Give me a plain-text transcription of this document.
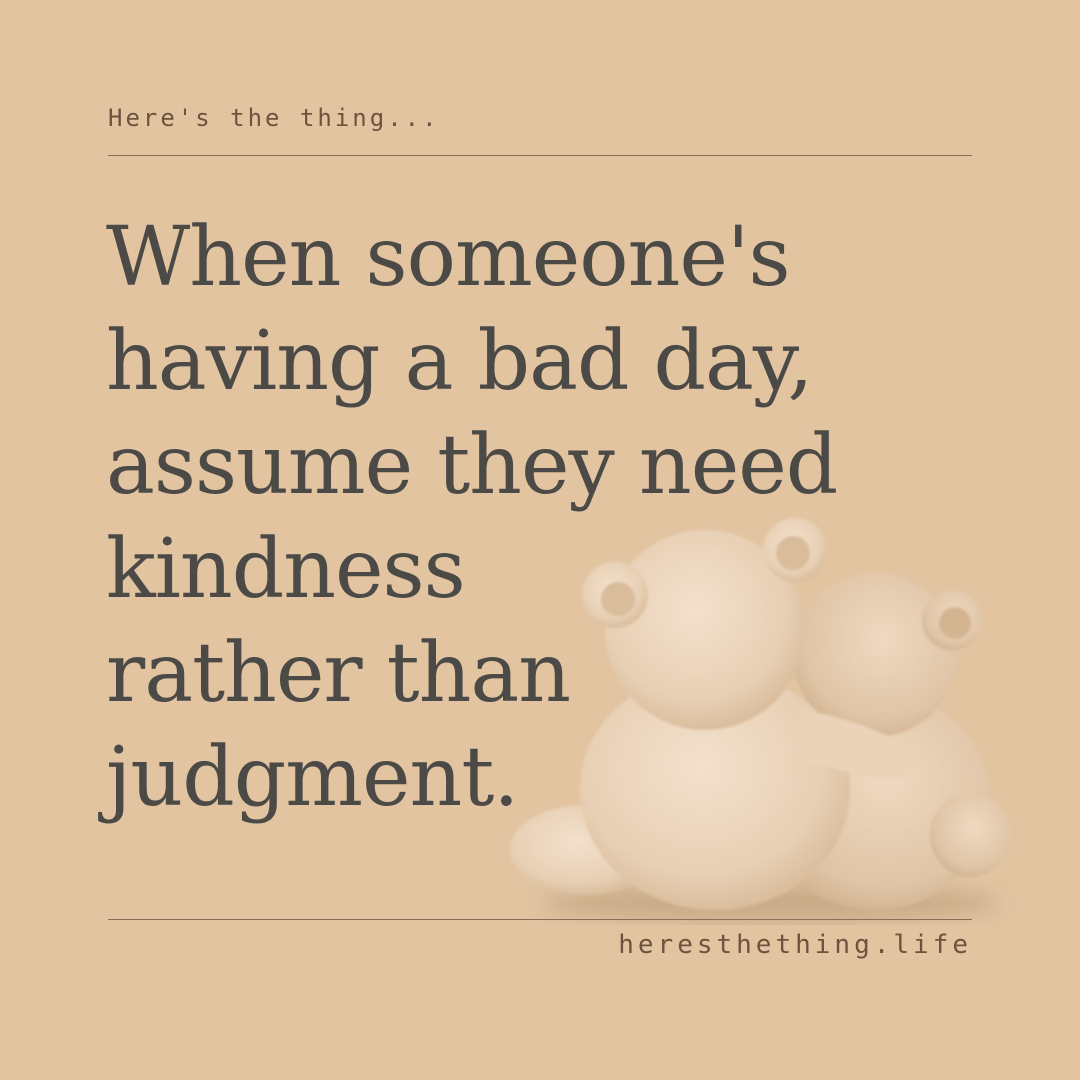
Here's the thing...
When someone's
having a bad day,
assume they need
kindness
rather than
judgment.
heresthething.life
